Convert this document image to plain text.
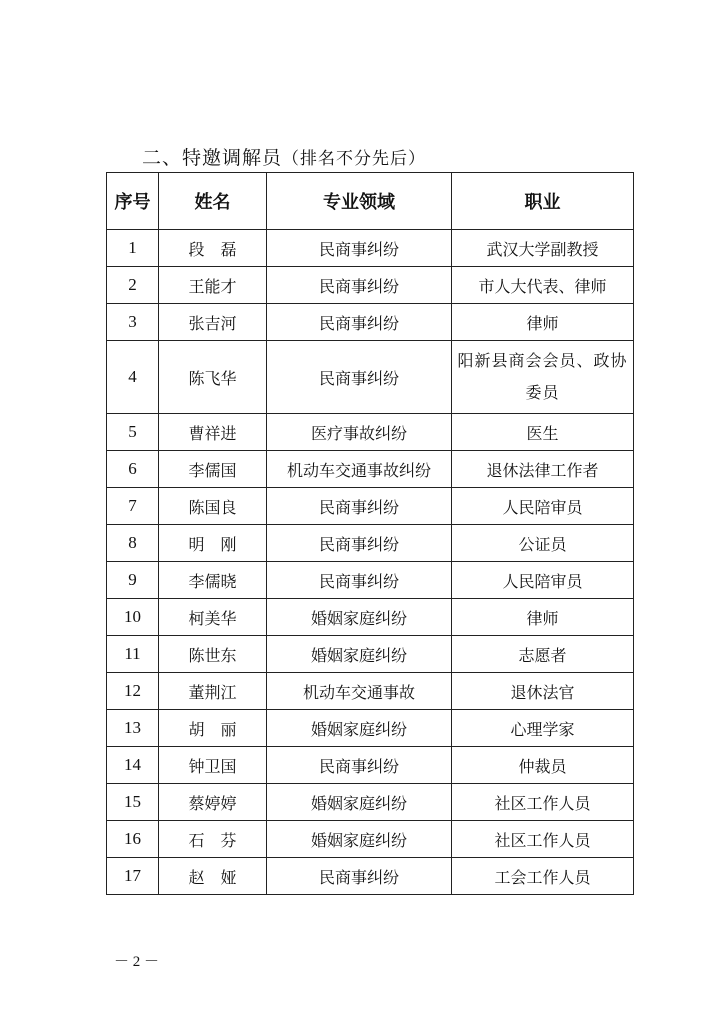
二、特邀调解员（排名不分先后）
序号	姓名	专业领域	职业
1	段　磊	民商事纠纷	武汉大学副教授
2	王能才	民商事纠纷	市人大代表、律师
3	张吉河	民商事纠纷	律师
4	陈飞华	民商事纠纷	阳新县商会会员、政协委员
5	曹祥进	医疗事故纠纷	医生
6	李儒国	机动车交通事故纠纷	退休法律工作者
7	陈国良	民商事纠纷	人民陪审员
8	明　刚	民商事纠纷	公证员
9	李儒晓	民商事纠纷	人民陪审员
10	柯美华	婚姻家庭纠纷	律师
11	陈世东	婚姻家庭纠纷	志愿者
12	董荆江	机动车交通事故	退休法官
13	胡　丽	婚姻家庭纠纷	心理学家
14	钟卫国	民商事纠纷	仲裁员
15	蔡婷婷	婚姻家庭纠纷	社区工作人员
16	石　芬	婚姻家庭纠纷	社区工作人员
17	赵　娅	民商事纠纷	工会工作人员
－ 2 －
